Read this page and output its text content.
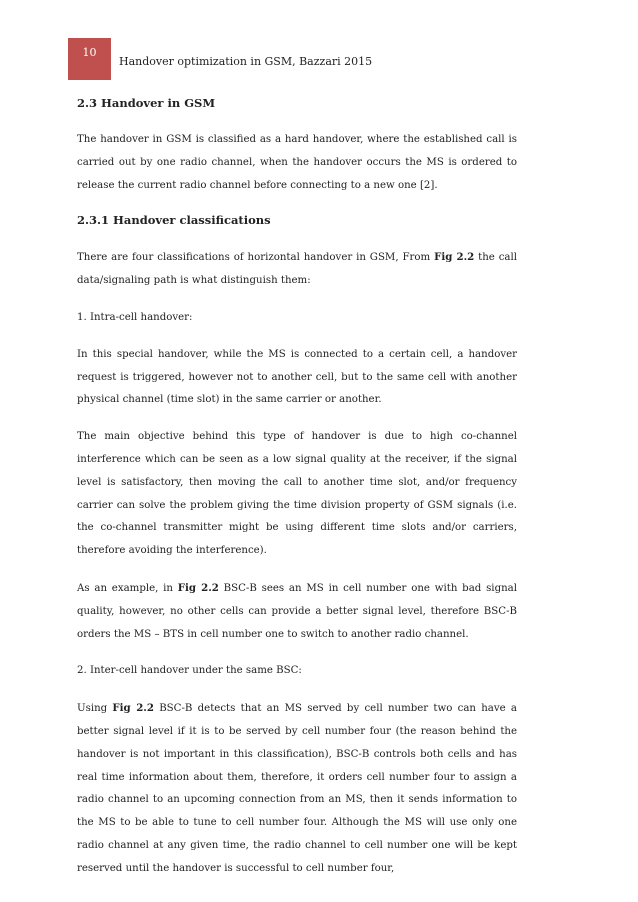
10
Handover optimization in GSM, Bazzari 2015
2.3 Handover in GSM

The handover in GSM is classified as a hard handover, where the established call is carried out by one radio channel, when the handover occurs the MS is ordered to release the current radio channel before connecting to a new one [2].

2.3.1 Handover classifications

There are four classifications of horizontal handover in GSM, From Fig 2.2 the call data/signaling path is what distinguish them:

1. Intra-cell handover:

In this special handover, while the MS is connected to a certain cell, a handover request is triggered, however not to another cell, but to the same cell with another physical channel (time slot) in the same carrier or another.

The main objective behind this type of handover is due to high co-channel interference which can be seen as a low signal quality at the receiver, if the signal level is satisfactory, then moving the call to another time slot, and/or frequency carrier can solve the problem giving the time division property of GSM signals (i.e. the co-channel transmitter might be using different time slots and/or carriers, therefore avoiding the interference).

As an example, in Fig 2.2 BSC-B sees an MS in cell number one with bad signal quality, however, no other cells can provide a better signal level, therefore BSC-B orders the MS – BTS in cell number one to switch to another radio channel.

2. Inter-cell handover under the same BSC:

Using Fig 2.2 BSC-B detects that an MS served by cell number two can have a better signal level if it is to be served by cell number four (the reason behind the handover is not important in this classification), BSC-B controls both cells and has real time information about them, therefore, it orders cell number four to assign a radio channel to an upcoming connection from an MS, then it sends information to the MS to be able to tune to cell number four. Although the MS will use only one radio channel at any given time, the radio channel to cell number one will be kept reserved until the handover is successful to cell number four,
